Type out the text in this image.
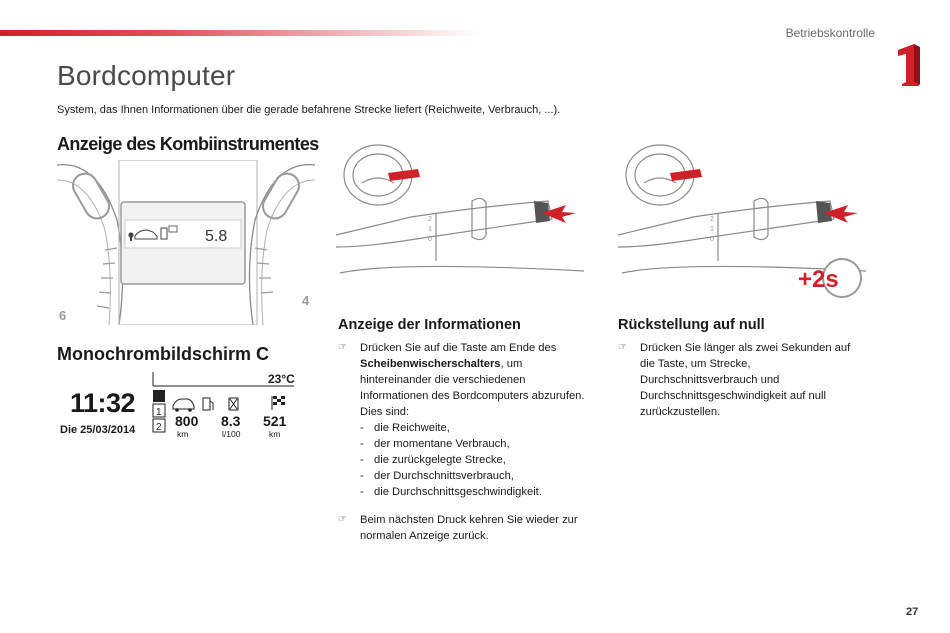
Betriebskontrolle
Bordcomputer
System, das Ihnen Informationen über die gerade befahrene Strecke liefert (Reichweite, Verbrauch, ...).
Anzeige des Kombiinstrumentes
6
5.8
4
Monochrombildschirm C
11:32
Die 25/03/2014
1
2
23°C
800
km
8.3
l/100
521
km
2
1
0
2
1
0
+2s
Anzeige der Informationen
☞ Drücken Sie auf die Taste am Ende des Scheibenwischerschalters, um hintereinander die verschiedenen Informationen des Bordcomputers abzurufen.
Dies sind:
- die Reichweite,
- der momentane Verbrauch,
- die zurückgelegte Strecke,
- der Durchschnittsverbrauch,
- die Durchschnittsgeschwindigkeit.
☞ Beim nächsten Druck kehren Sie wieder zur normalen Anzeige zurück.
Rückstellung auf null
☞ Drücken Sie länger als zwei Sekunden auf die Taste, um Strecke, Durchschnittsverbrauch und Durchschnittsgeschwindigkeit auf null zurückzustellen.
27
